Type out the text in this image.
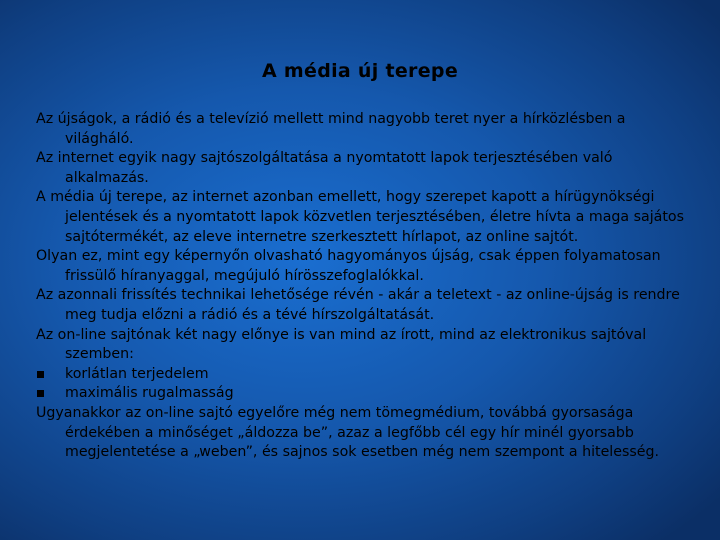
A média új terepe

Az újságok, a rádió és a televízió mellett mind nagyobb teret nyer a hírközlésben a világháló.

Az internet egyik nagy sajtószolgáltatása a nyomtatott lapok terjesztésében való alkalmazás.

A média új terepe, az internet azonban emellett, hogy szerepet kapott a hírügynökségi jelentések és a nyomtatott lapok közvetlen terjesztésében, életre hívta a maga sajátos sajtótermékét, az eleve internetre szerkesztett hírlapot, az online sajtót.

Olyan ez, mint egy képernyőn olvasható hagyományos újság, csak éppen folyamatosan frissülő híranyaggal, megújuló hírösszefoglalókkal.

Az azonnali frissítés technikai lehetősége révén - akár a teletext - az online-újság is rendre meg tudja előzni a rádió és a tévé hírszolgáltatását.

Az on-line sajtónak két nagy előnye is van mind az írott, mind az elektronikus sajtóval szemben:

korlátlan terjedelem
maximális rugalmasság

Ugyanakkor az on-line sajtó egyelőre még nem tömegmédium, továbbá gyorsasága érdekében a minőséget „áldozza be”, azaz a legfőbb cél egy hír minél gyorsabb megjelentetése a „weben”, és sajnos sok esetben még nem szempont a hitelesség.
